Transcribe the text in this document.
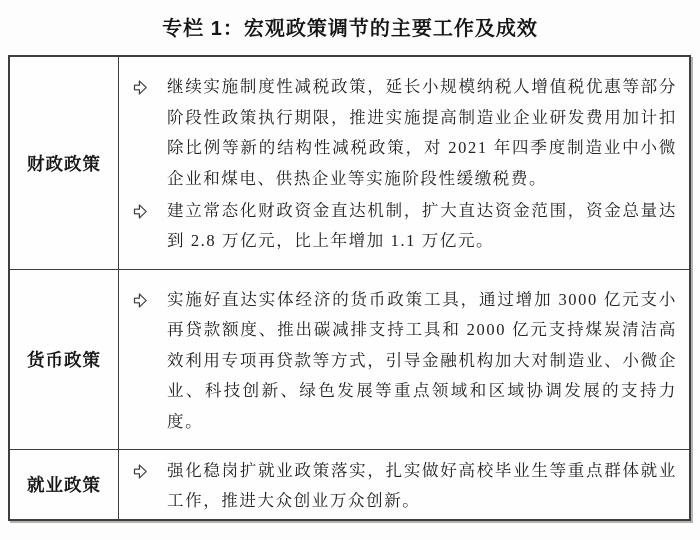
专栏 1：宏观政策调节的主要工作及成效
财政政策
继续实施制度性减税政策，延长小规模纳税人增值税优惠等部分阶段性政策执行期限，推进实施提高制造业企业研发费用加计扣除比例等新的结构性减税政策，对 2021 年四季度制造业中小微企业和煤电、供热企业等实施阶段性缓缴税费。
建立常态化财政资金直达机制，扩大直达资金范围，资金总量达到 2.8 万亿元，比上年增加 1.1 万亿元。
货币政策
实施好直达实体经济的货币政策工具，通过增加 3000 亿元支小再贷款额度、推出碳减排支持工具和 2000 亿元支持煤炭清洁高效利用专项再贷款等方式，引导金融机构加大对制造业、小微企业、科技创新、绿色发展等重点领域和区域协调发展的支持力度。
就业政策
强化稳岗扩就业政策落实，扎实做好高校毕业生等重点群体就业工作，推进大众创业万众创新。
